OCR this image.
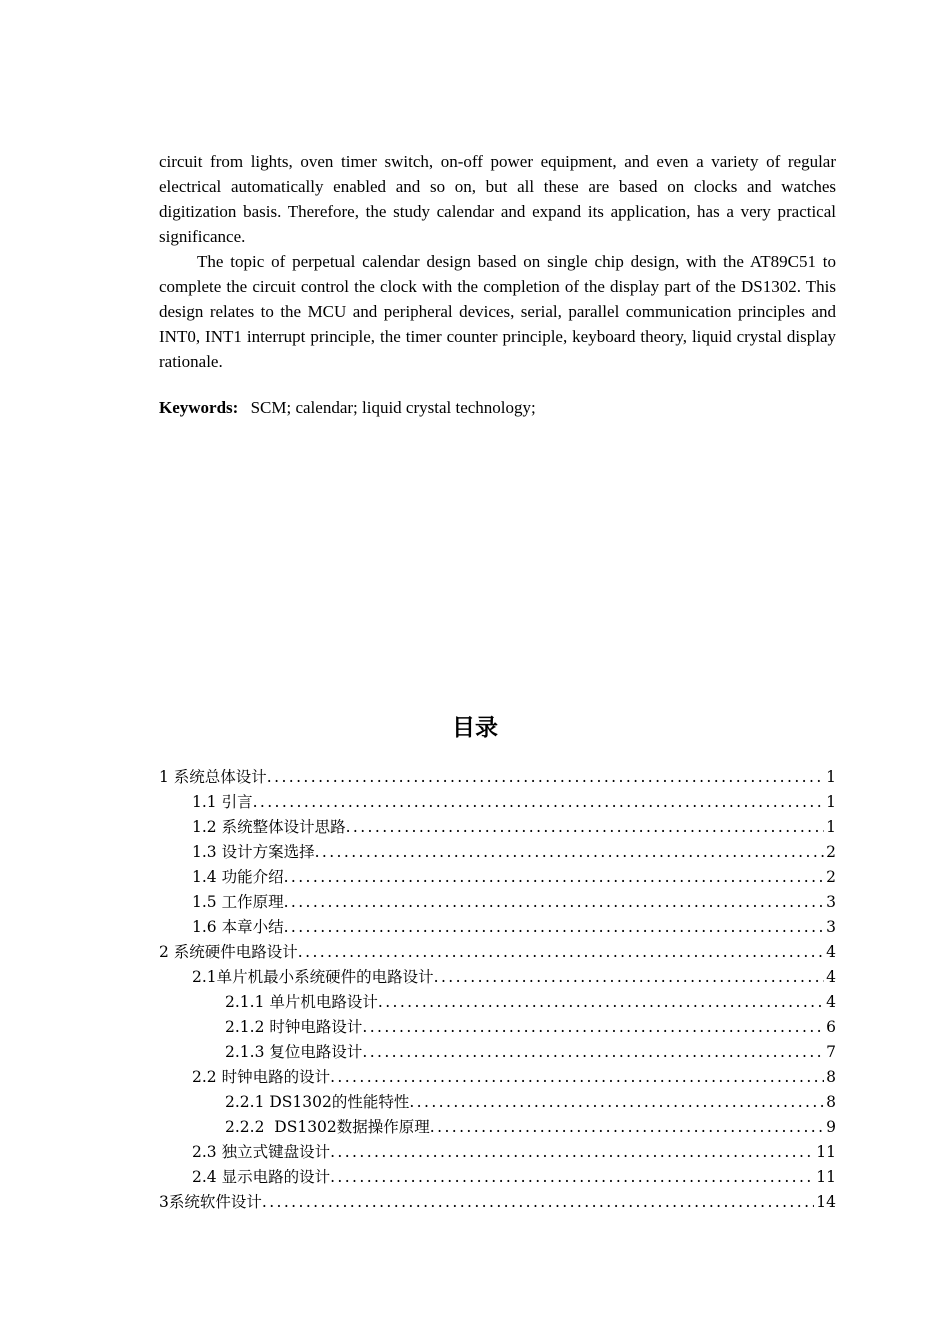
circuit from lights, oven timer switch, on-off power equipment, and even a variety of regular electrical automatically enabled and so on, but all these are based on clocks and watches digitization basis. Therefore, the study calendar and expand its application, has a very practical significance.

The topic of perpetual calendar design based on single chip design, with the AT89C51 to complete the circuit control the clock with the completion of the display part of the DS1302. This design relates to the MCU and peripheral devices, serial, parallel communication principles and INT0, INT1 interrupt principle, the timer counter principle, keyboard theory, liquid crystal display rationale.

Keywords: SCM; calendar; liquid crystal technology;

目录
1 系统总体设计 .....	1
1.1 引言 .....	1
1.2 系统整体设计思路 .....	1
1.3 设计方案选择 .....	2
1.4 功能介绍 .....	2
1.5 工作原理 .....	3
1.6 本章小结 .....	3
2 系统硬件电路设计 .....	4
2.1单片机最小系统硬件的电路设计 .....	4
2.1.1 单片机电路设计 .....	4
2.1.2 时钟电路设计 .....	6
2.1.3 复位电路设计 .....	7
2.2 时钟电路的设计 .....	8
2.2.1 DS1302的性能特性 .....	8
2.2.2  DS1302数据操作原理 .....	9
2.3 独立式键盘设计 .....	11
2.4 显示电路的设计 .....	11
3系统软件设计 .....	14
